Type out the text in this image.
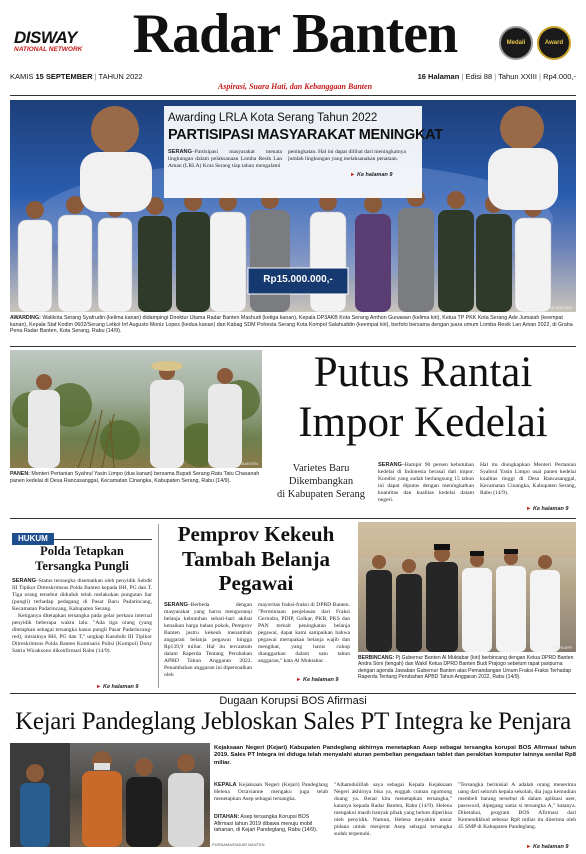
DISWAY
NATIONAL NETWORK Radar Banten	Medali	Award
KAMIS 15 SEPTEMBER | TAHUN 2022	16 Halaman | Edisi 88 | Tahun XXIII | Rp4.000,-
Aspirasi, Suara Hati, dan Kebanggaan Banten
Rp15.000.000,-
ISODOKTROKAR BANTEN
Awarding LRLA Kota Serang Tahun 2022
PARTISIPASI MASYARAKAT MENINGKAT
SERANG–Partisipasi masyarakat menata lingkungan dalam pelaksanaan Lomba Resik Lan Aman (LRLA) Kota Serang tiap tahun mengalami
peningkatan. Hal ini dapat dilihat dari meningkatnya jumlah lingkungan yang melaksanakan penataan.
► Ke halaman 9
AWARDING: Walikota Serang Syafrudin (kelima kanan) didampingi Direktur Utama Radar Banten Mashudi (ketiga kanan), Kepala DP3AKB Kota Serang Anthon Gunawan (kelima kiri), Ketua TP PKK Kota Serang Ade Jumaiah (keempat kanan), Kepala Staf Kodim 0602/Serang Letkol Inf Augusto Moniz Lopes (kedua kanan) dan Kabag SDM Polresta Serang Kota Kompol Salahuddin (keempat kiri), berfoto bersama dengan juara umum Lomba Resik Lan Aman 2022, di Graha Pena Radar Banten, Kota Serang, Rabu (14/9).
DI.ZAKKAMAR BANTEN
PANEN: Menteri Pertanian Syahrul Yasin Limpo (dua kanan) bersama Bupati Serang Ratu Tatu Chasanah panen kedelai di Desa Rancasanggal, Kecamatan Cinangka, Kabupaten Serang, Rabu (14/9).
Putus Rantai
Impor Kedelai
Varietes Baru
Dikembangkan
di Kabupaten Serang
SERANG–Hampir 90 persen kebutuhan kedelai di Indonesia berasal dari impor. Kondisi yang sudah berlangsung 15 tahun ini dapat diputus dengan meningkatkan kuantitas dan kualitas kedelai dalam negeri.
Hal itu diungkapkan Menteri Pertanian Syahrul Yasin Limpo usai panen kedelai kualitas tinggi di Desa Rancasanggal, Kecamatan Cinangka, Kabupaten Serang, Rabu (14/9).
► Ke halaman 9
HUKUM
Polda Tetapkan
Tersangka Pungli
SERANG–Status tersangka disematkan oleh penyidik Subdit III Tipikor Ditreskrimsus Polda Banten kepada BH, PG dan T. Tiga orang tersebut diduduh telah melakukan pungutan liar (pungli) terhadap pedagang di Pasar Baru Padarincang, Kecamatan Padarincang, Kabupaten Serang.
Ketiganya ditetapkan tersangka pada gelar perkara internal penyidik beberapa waktu lalu. "Ada tiga orang (yang ditetapkan sebagai tersangka kasus pungli Pasar Padarincang-red), inisialnya BH, PG dan T," ungkap Kasubdit III Tipikor Ditreskrimsus Polda Banten Komisaris Polisi (Kompol) Dony Satria Wicaksono dikonfirmasi Rabu (14/9).
► Ke halaman 9
Pemprov Kekeuh
Tambah Belanja
Pegawai
SERANG–Berbeda dengan masyarakat yang harus menguranqi belanja kebutuhan sehari-hari akibat kenaikan harga bahan pokok, Pemprov Banten justru kekeuh menambah anggaran belanja pegawai hingga Rp139,9 miliar. Hal itu tercantum dalam Raperda Tentang Perubahan APBD Tahun Anggaran 2022. Penambahan anggaran ini dipersoalkan oleh
mayoritas fraksi-fraksi di DPRD Banten. "Permintaan penjelasan dari Fraksi Gerindra, PDIP, Golkar, PKB, PKS dan PAN terkait peningkatan belanja pegawai, dapat kami sampaikan bahwa pegawai merupakan belanja wajib dan mengikat, yang harus cukup dianggarkan dalam satu tahun anggaran," kata Al Muktabar.
► Ke halaman 9
DPRD /SGPR
BERBINCANG: Pj Gubernur Banten Al Muktabar (kiri) berbincang dengan Ketua DPRD Banten Andra Soni (tengah) dan Wakil Ketua DPRD Banten Budi Prajogo sebelum rapat paripurna dengan agenda Jawaban Gubernur Banten atas Pemandangan Umum Fraksi-Fraksi Terhadap Raperda Tentang Perubahan APBD Tahun Anggaran 2022, Rabu (14/9).
Dugaan Korupsi BOS Afirmasi
Kejari Pandeglang Jebloskan Sales PT Integra ke Penjara
PURNAMA/RADAR BANTEN
Kejaksaan Negeri (Kejari) Kabupaten Pandeglang akhirnya menetapkan Asep sebagai tersangka korupsi BOS Afirmasi tahun 2019. Sales PT Integra ini diduga telah menyalahi aturan pembelian pengadaan tablet dan perakitan komputer lainnya senilai Rp8 miliar.
KEPALA Kejaksaan Negeri (Kejari) Pandeglang Helena Octavianne mengaku juga telah menetapkan Asep sebagai tersangka.
DITAHAN: Asep tersangka Korupsi BOS Afirmasi tahun 2019 dibawa menuju mobil tahanan, di Kejari Pandeglang, Rabu (14/9).
"Alhamdulillah saya sebagai Kepala Kejaksaan Negeri akhirnya bisa ya, enggak cuman ngomong doang ya. Benar kita menetapkan tersangka," katanya kepada Radar Banten, Rabu (14/9). Helena mengakui masih banyak pihak yang belum diperiksa oleh penyidik. Namun, Helena meyakini unsur pidana untuk menjerat Asep sebagai tersangka sudah terpenuhi.
"Tersangka berinisial A adalah orang menerima uang dari seluruh kepala sekolah, dia juga kemudian membeli barang tersebut di dalam aplikasi user, password, dipegang sama si tersangka A," katanya. Diketahui, program BOS Afirmasi dari Kemendikbud sebesar Rp8 miliar itu diterima oleh 45 SMP di Kabupaten Pandeglang.
► Ke halaman 9
